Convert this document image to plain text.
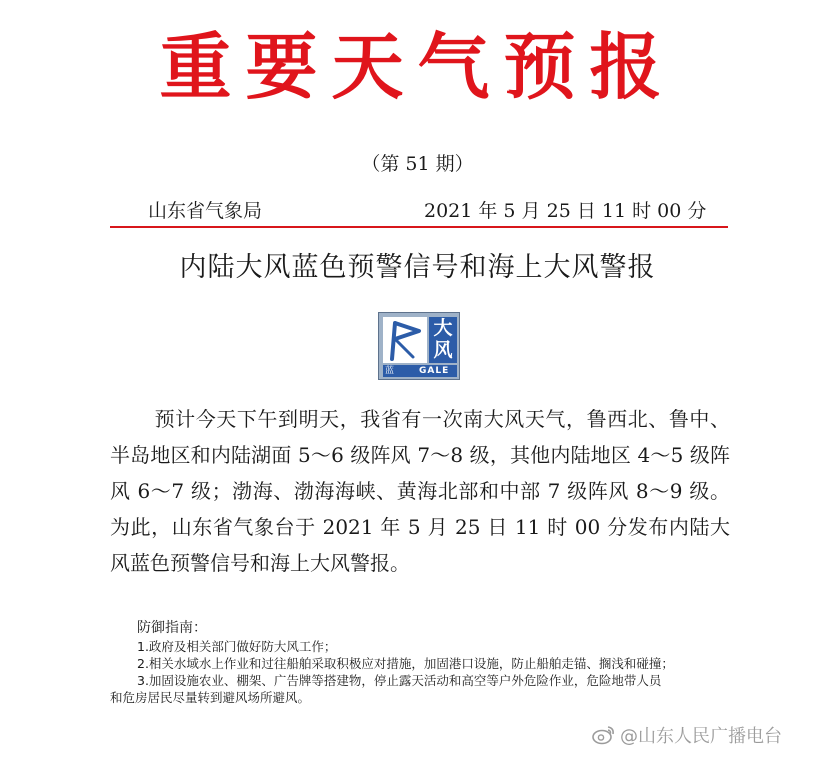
重要天气预报
（第 51 期）
山东省气象局	2021 年 5 月 25 日 11 时 00 分
内陆大风蓝色预警信号和海上大风警报
大
风
蓝	GALE

预计今天下午到明天，我省有一次南大风天气，鲁西北、鲁中、半岛地区和内陆湖面 5～6 级阵风 7～8 级，其他内陆地区 4～5 级阵风 6～7 级；渤海、渤海海峡、黄海北部和中部 7 级阵风 8～9 级。为此，山东省气象台于 2021 年 5 月 25 日 11 时 00 分发布内陆大风蓝色预警信号和海上大风警报。

防御指南：
1.政府及相关部门做好防大风工作；
2.相关水域水上作业和过往船舶采取积极应对措施，加固港口设施，防止船舶走锚、搁浅和碰撞；
3.加固设施农业、棚架、广告牌等搭建物，停止露天活动和高空等户外危险作业，危险地带人员
和危房居民尽量转到避风场所避风。
@山东人民广播电台
